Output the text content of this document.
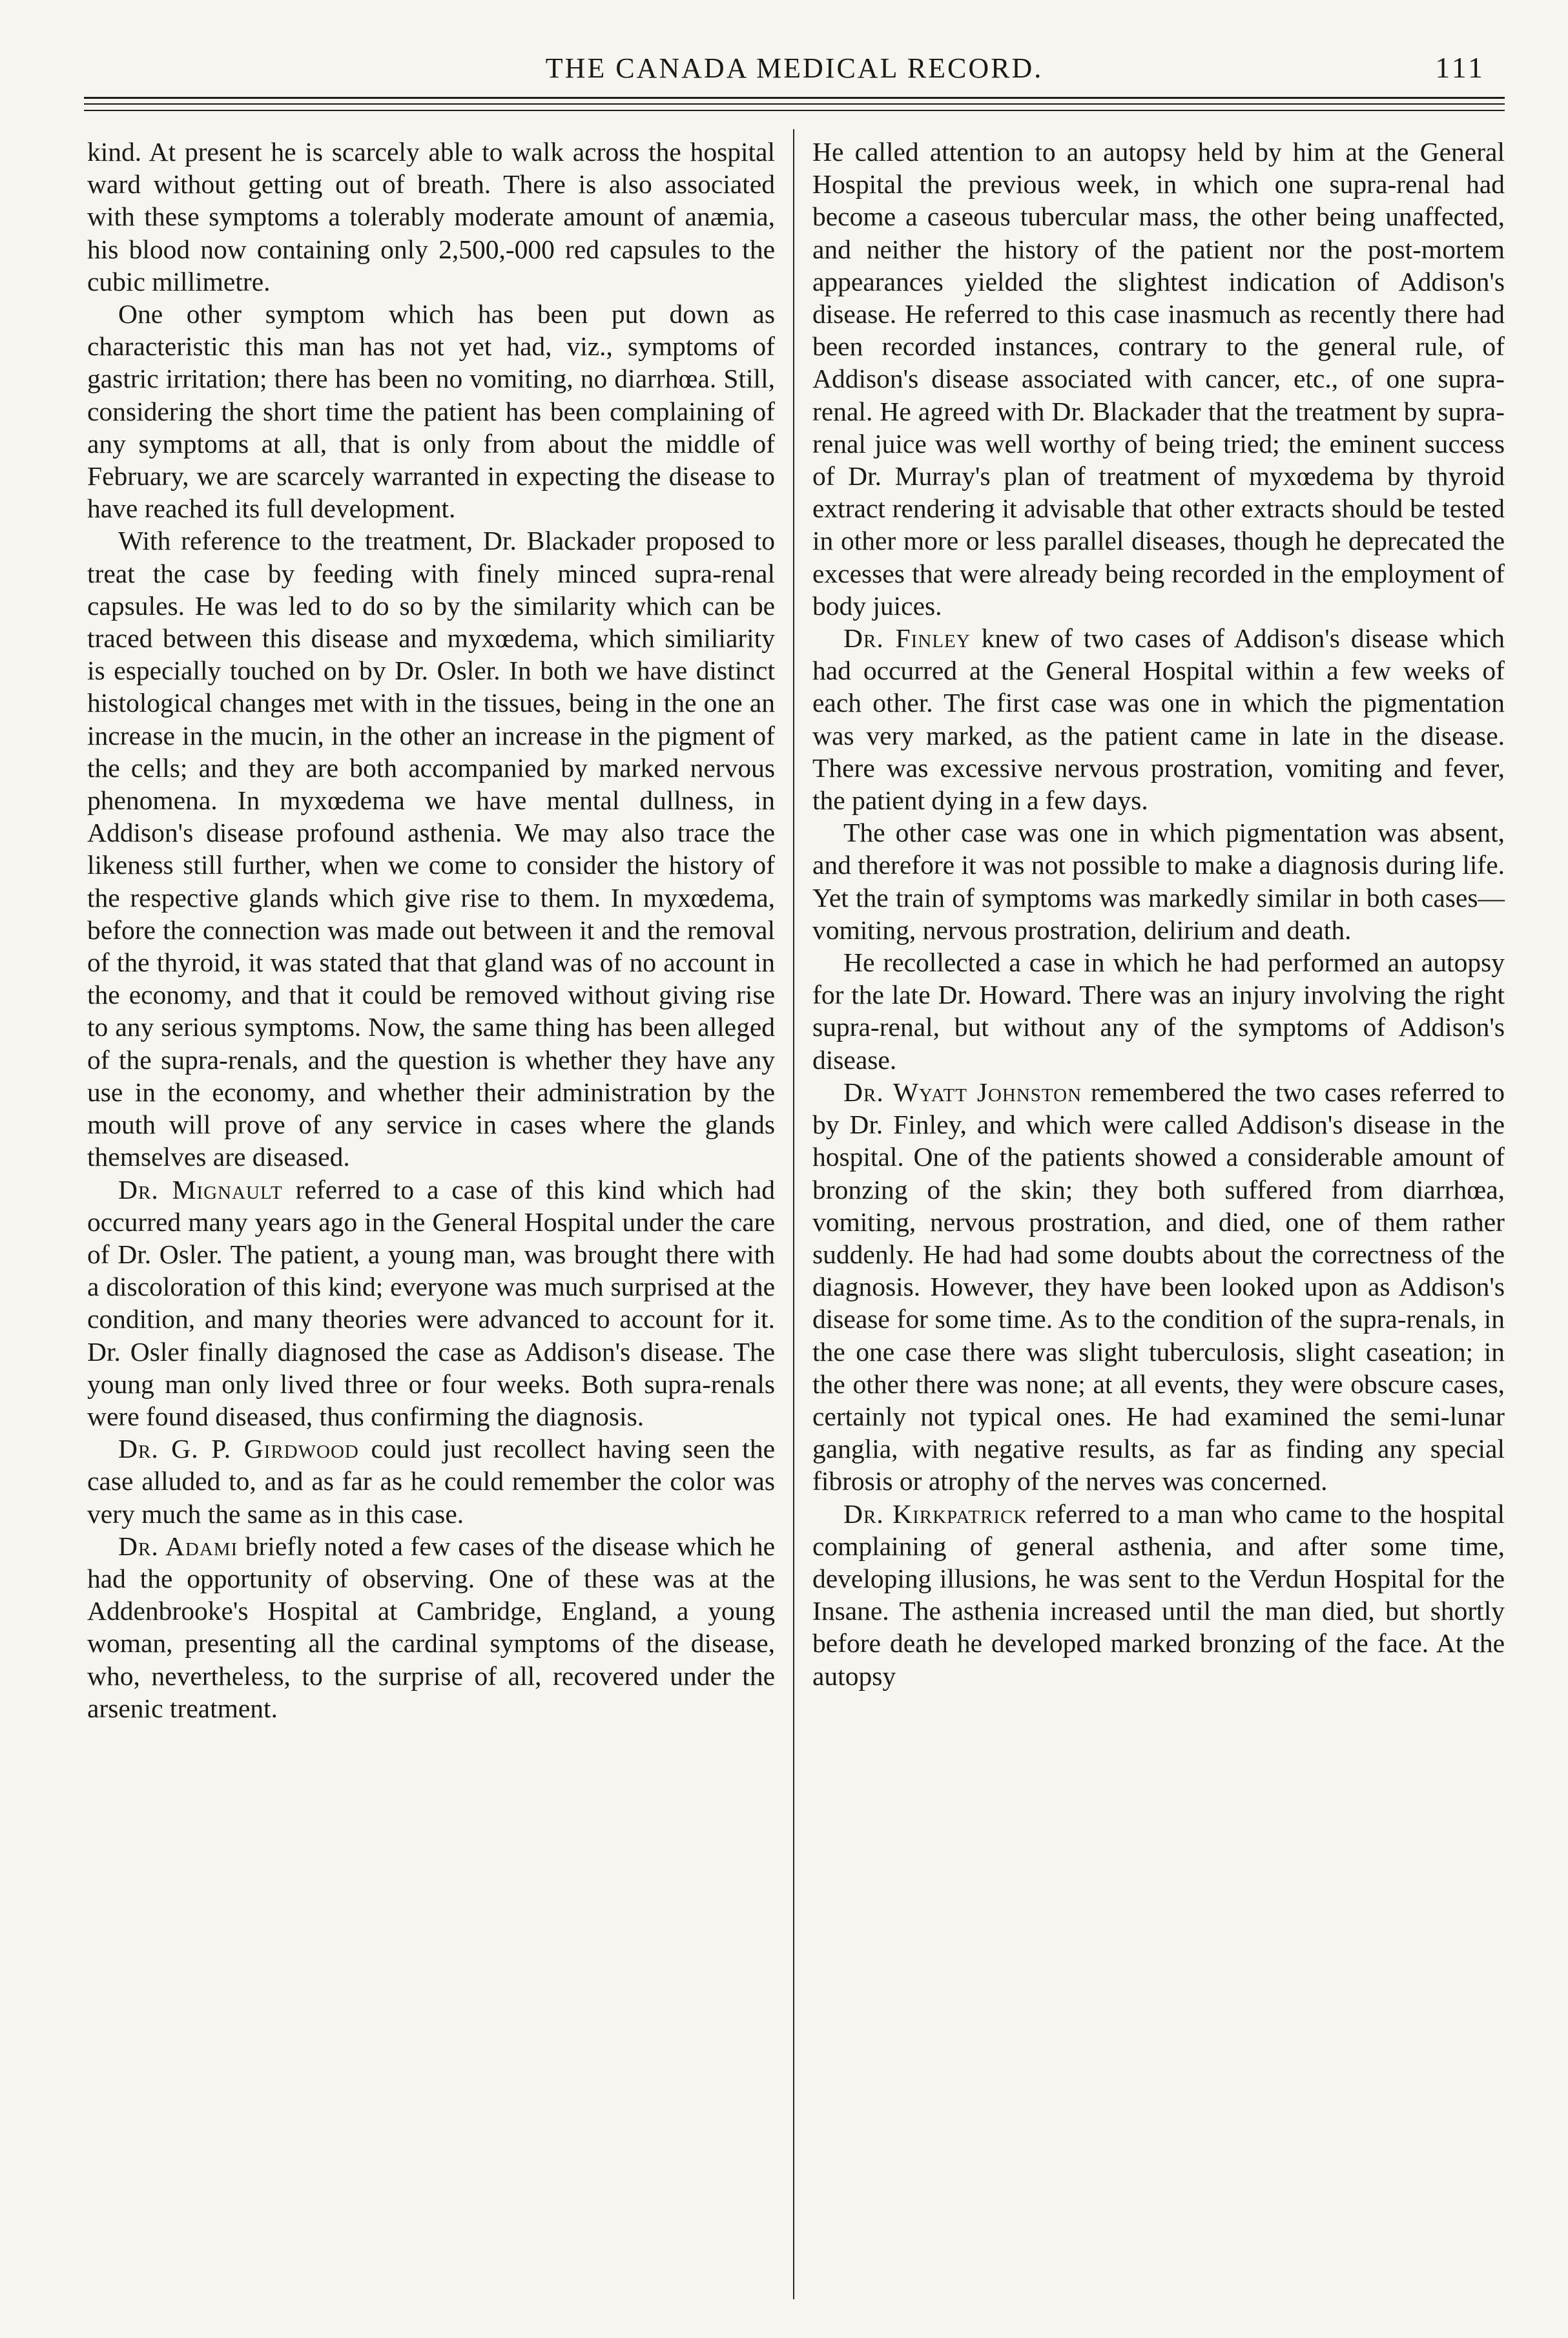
THE CANADA MEDICAL RECORD.	111

kind. At present he is scarcely able to walk across the hospital ward without getting out of breath. There is also associated with these symptoms a tolerably moderate amount of anæmia, his blood now containing only 2,500,-000 red capsules to the cubic millimetre.

One other symptom which has been put down as characteristic this man has not yet had, viz., symptoms of gastric irritation; there has been no vomiting, no diarrhœa. Still, considering the short time the patient has been complaining of any symptoms at all, that is only from about the middle of February, we are scarcely warranted in expecting the disease to have reached its full development.

With reference to the treatment, Dr. Blackader proposed to treat the case by feeding with finely minced supra-renal capsules. He was led to do so by the similarity which can be traced between this disease and myxœdema, which similiarity is especially touched on by Dr. Osler. In both we have distinct histological changes met with in the tissues, being in the one an increase in the mucin, in the other an increase in the pigment of the cells; and they are both accompanied by marked nervous phenomena. In myxœdema we have mental dullness, in Addison's disease profound asthenia. We may also trace the likeness still further, when we come to consider the history of the respective glands which give rise to them. In myxœdema, before the connection was made out between it and the removal of the thyroid, it was stated that that gland was of no account in the economy, and that it could be removed without giving rise to any serious symptoms. Now, the same thing has been alleged of the supra-renals, and the question is whether they have any use in the economy, and whether their administration by the mouth will prove of any service in cases where the glands themselves are diseased.

Dr. Mignault referred to a case of this kind which had occurred many years ago in the General Hospital under the care of Dr. Osler. The patient, a young man, was brought there with a discoloration of this kind; everyone was much surprised at the condition, and many theories were advanced to account for it. Dr. Osler finally diagnosed the case as Addison's disease. The young man only lived three or four weeks. Both supra-renals were found diseased, thus confirming the diagnosis.

Dr. G. P. Girdwood could just recollect having seen the case alluded to, and as far as he could remember the color was very much the same as in this case.

Dr. Adami briefly noted a few cases of the disease which he had the opportunity of observing. One of these was at the Addenbrooke's Hospital at Cambridge, England, a young woman, presenting all the cardinal symptoms of the disease, who, nevertheless, to the surprise of all, recovered under the arsenic treatment.

He called attention to an autopsy held by him at the General Hospital the previous week, in which one supra-renal had become a caseous tubercular mass, the other being unaffected, and neither the history of the patient nor the post-mortem appearances yielded the slightest indication of Addison's disease. He referred to this case inasmuch as recently there had been recorded instances, contrary to the general rule, of Addison's disease associated with cancer, etc., of one supra-renal. He agreed with Dr. Blackader that the treatment by supra-renal juice was well worthy of being tried; the eminent success of Dr. Murray's plan of treatment of myxœdema by thyroid extract rendering it advisable that other extracts should be tested in other more or less parallel diseases, though he deprecated the excesses that were already being recorded in the employment of body juices.

Dr. Finley knew of two cases of Addison's disease which had occurred at the General Hospital within a few weeks of each other. The first case was one in which the pigmentation was very marked, as the patient came in late in the disease. There was excessive nervous prostration, vomiting and fever, the patient dying in a few days.

The other case was one in which pigmentation was absent, and therefore it was not possible to make a diagnosis during life. Yet the train of symptoms was markedly similar in both cases—vomiting, nervous prostration, delirium and death.

He recollected a case in which he had performed an autopsy for the late Dr. Howard. There was an injury involving the right supra-renal, but without any of the symptoms of Addison's disease.

Dr. Wyatt Johnston remembered the two cases referred to by Dr. Finley, and which were called Addison's disease in the hospital. One of the patients showed a considerable amount of bronzing of the skin; they both suffered from diarrhœa, vomiting, nervous prostration, and died, one of them rather suddenly. He had had some doubts about the correctness of the diagnosis. However, they have been looked upon as Addison's disease for some time. As to the condition of the supra-renals, in the one case there was slight tuberculosis, slight caseation; in the other there was none; at all events, they were obscure cases, certainly not typical ones. He had examined the semi-lunar ganglia, with negative results, as far as finding any special fibrosis or atrophy of the nerves was concerned.

Dr. Kirkpatrick referred to a man who came to the hospital complaining of general asthenia, and after some time, developing illusions, he was sent to the Verdun Hospital for the Insane. The asthenia increased until the man died, but shortly before death he developed marked bronzing of the face. At the autopsy
